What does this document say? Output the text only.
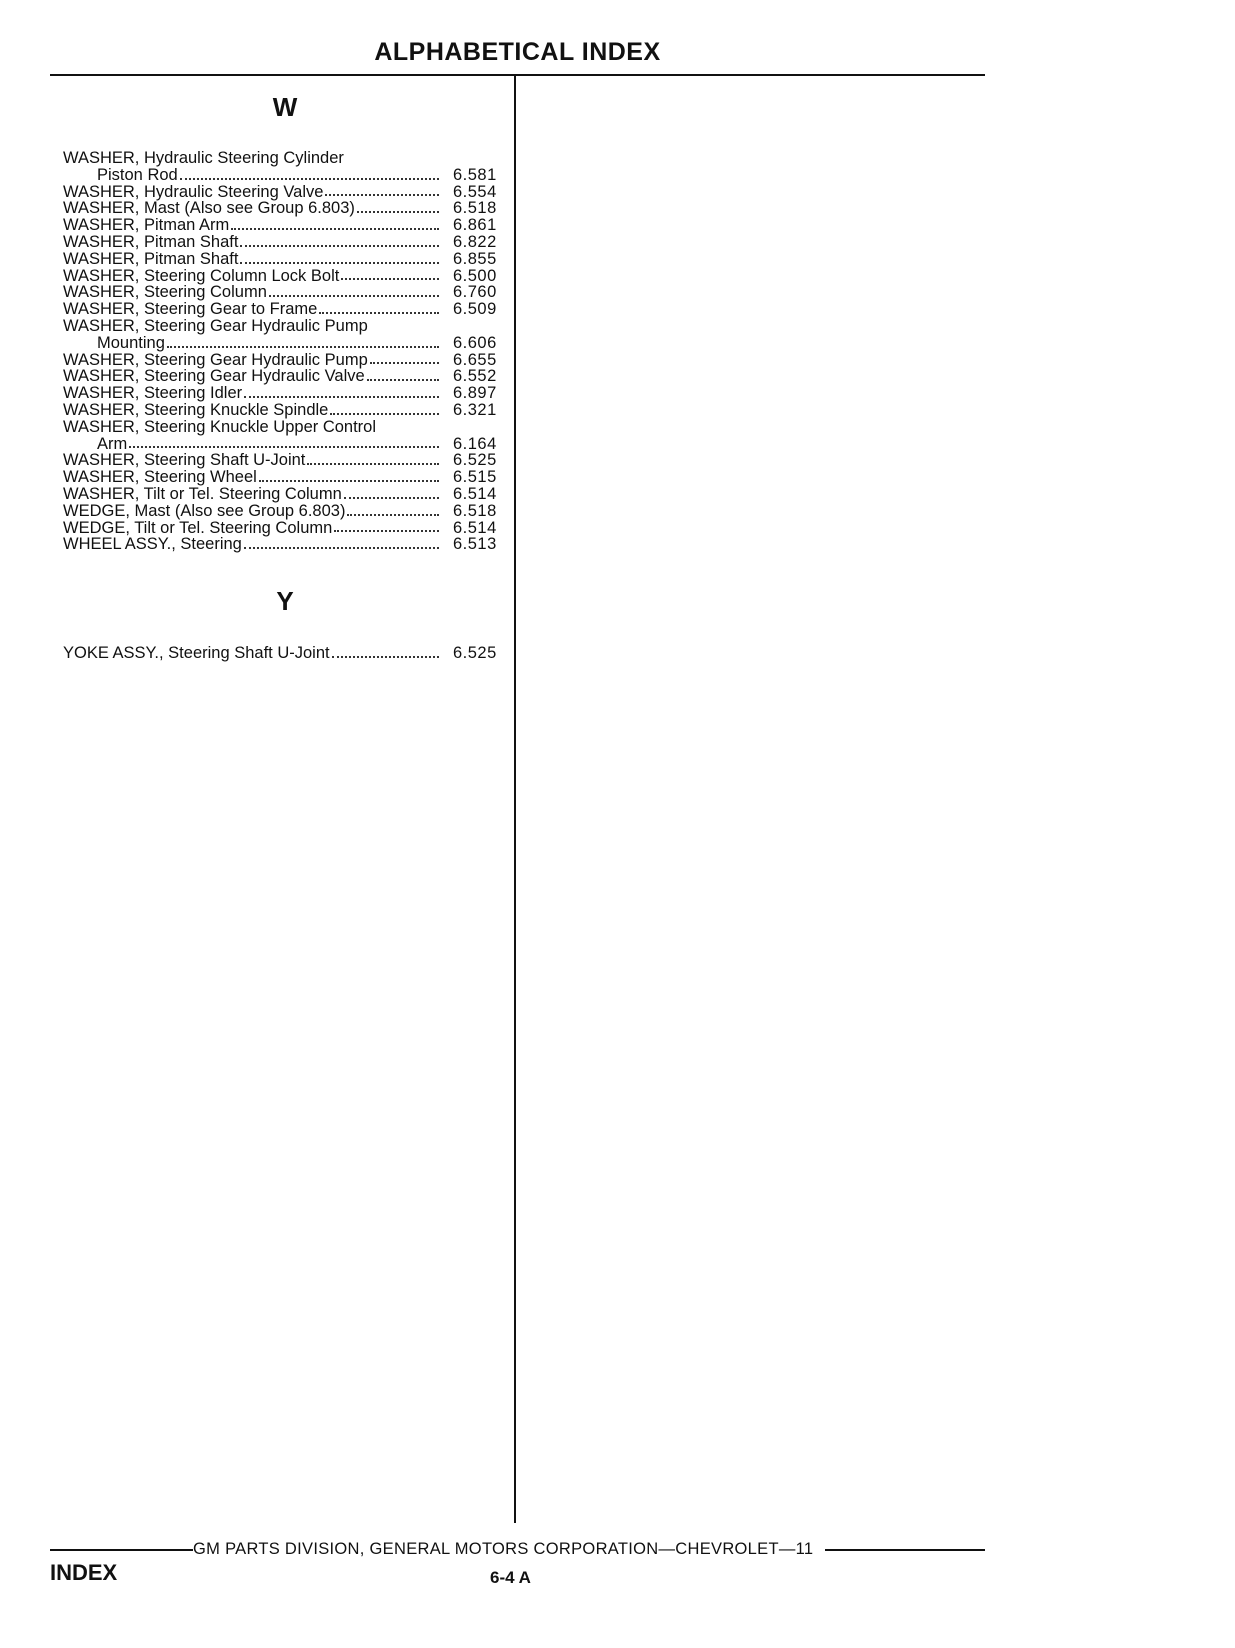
ALPHABETICAL INDEX
W
WASHER, Hydraulic Steering Cylinder
Piston Rod	6.581
WASHER, Hydraulic Steering Valve	6.554
WASHER, Mast (Also see Group 6.803)	6.518
WASHER, Pitman Arm	6.861
WASHER, Pitman Shaft	6.822
WASHER, Pitman Shaft	6.855
WASHER, Steering Column Lock Bolt	6.500
WASHER, Steering Column	6.760
WASHER, Steering Gear to Frame	6.509
WASHER, Steering Gear Hydraulic Pump
Mounting	6.606
WASHER, Steering Gear Hydraulic Pump	6.655
WASHER, Steering Gear Hydraulic Valve	6.552
WASHER, Steering Idler	6.897
WASHER, Steering Knuckle Spindle	6.321
WASHER, Steering Knuckle Upper Control
Arm	6.164
WASHER, Steering Shaft U-Joint	6.525
WASHER, Steering Wheel	6.515
WASHER, Tilt or Tel. Steering Column	6.514
WEDGE, Mast (Also see Group 6.803)	6.518
WEDGE, Tilt or Tel. Steering Column	6.514
WHEEL ASSY., Steering	6.513
Y
YOKE ASSY., Steering Shaft U-Joint	6.525
GM PARTS DIVISION, GENERAL MOTORS CORPORATION—CHEVROLET—11
INDEX	6-4 A
